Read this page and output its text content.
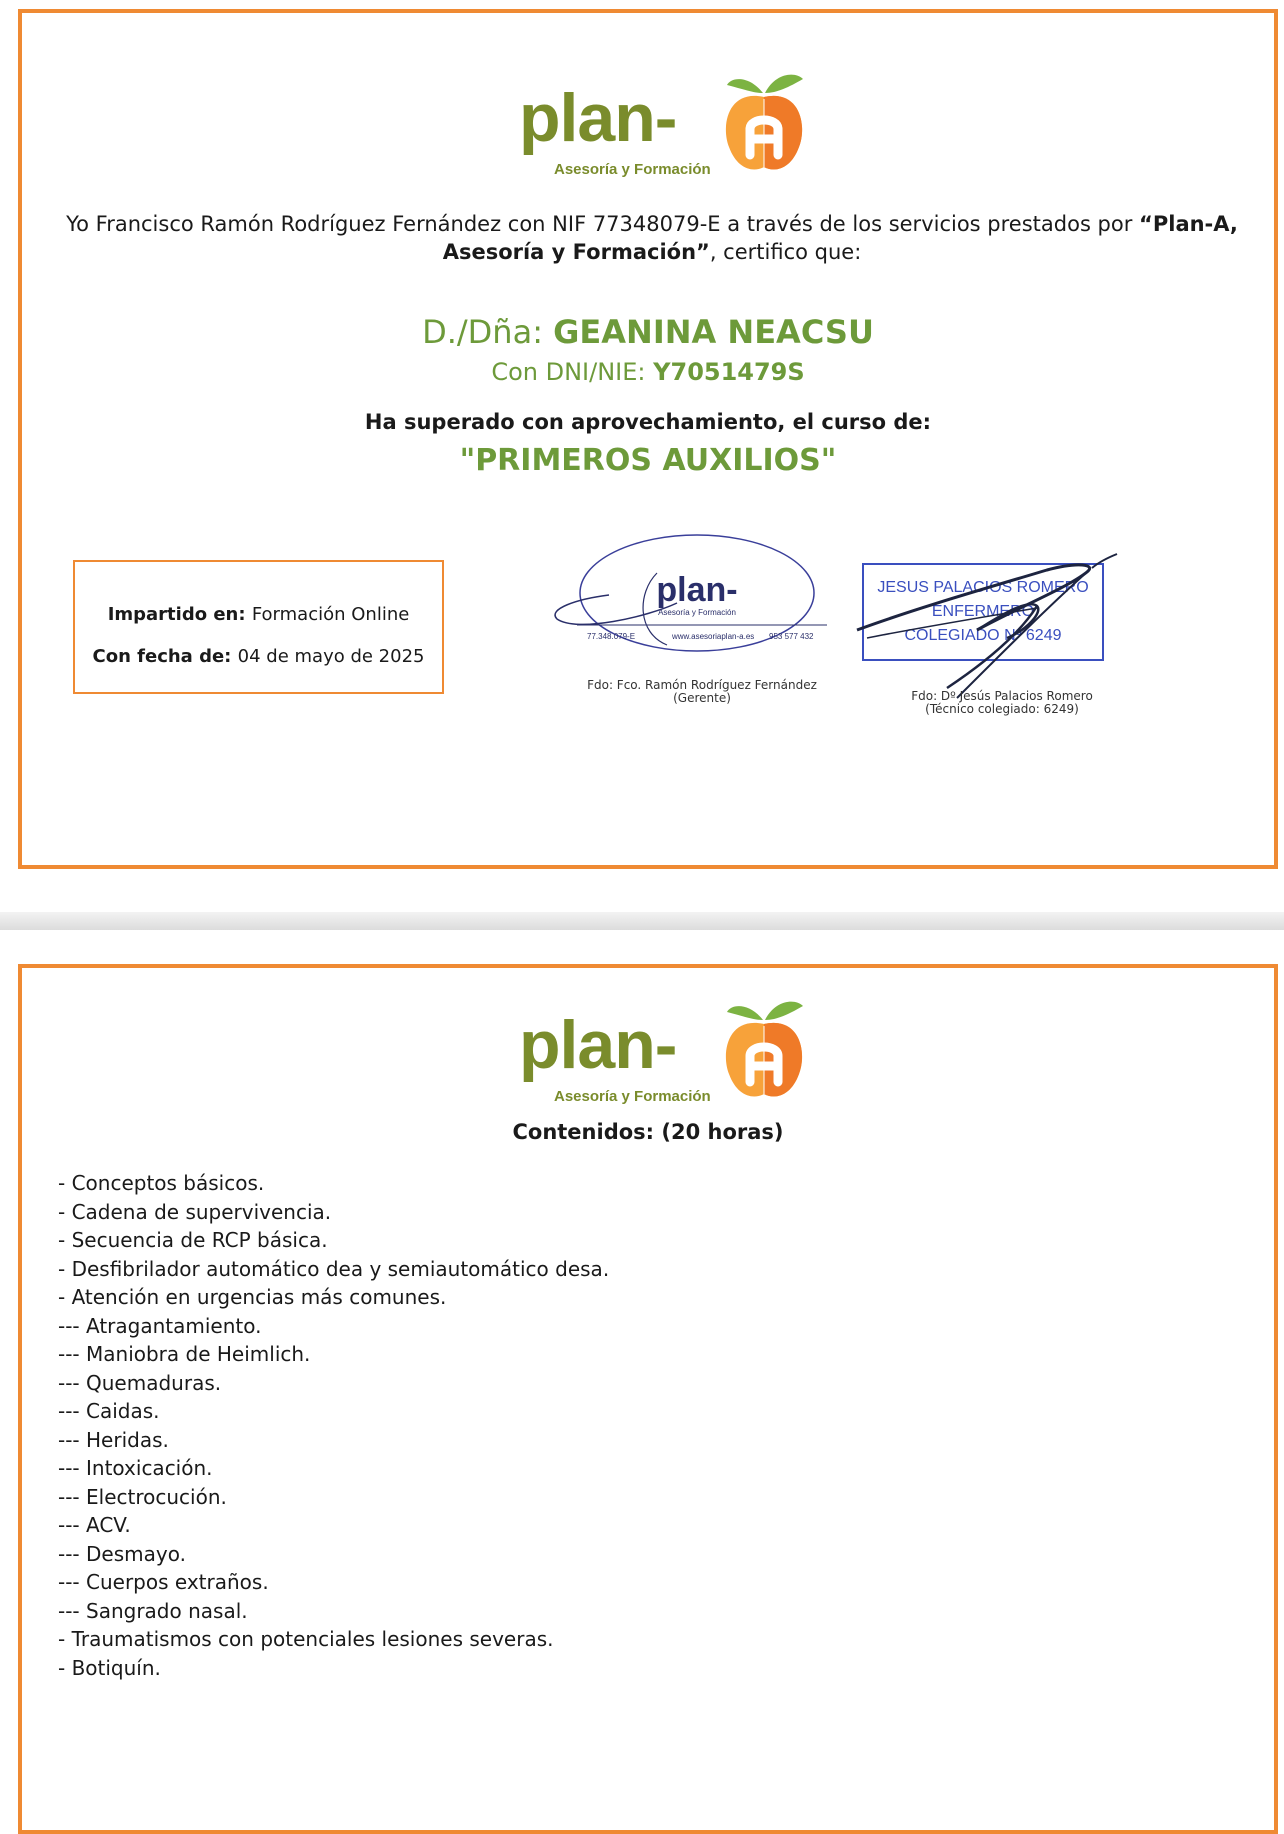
plan-
Asesoría y Formación
Yo Francisco Ramón Rodríguez Fernández con NIF 77348079-E a través de los servicios prestados por “Plan-A, Asesoría y Formación”, certifico que:
D./Dña: GEANINA NEACSU
Con DNI/NIE: Y7051479S
Ha superado con aprovechamiento, el curso de:
"PRIMEROS AUXILIOS"
Impartido en: Formación Online
Con fecha de: 04 de mayo de 2025
plan-
Asesoría y Formación
77.348.079-E	www.asesoriaplan-a.es 953 577 432
Fdo: Fco. Ramón Rodríguez Fernández
(Gerente)
JESUS PALACIOS ROMERO
ENFERMERO
COLEGIADO Nº 6249
Fdo: Dº Jesús Palacios Romero
(Técnico colegiado: 6249)
plan-
Asesoría y Formación
Contenidos: (20 horas)
- Conceptos básicos.
- Cadena de supervivencia.
- Secuencia de RCP básica.
- Desfibrilador automático dea y semiautomático desa.
- Atención en urgencias más comunes.
--- Atragantamiento.
--- Maniobra de Heimlich.
--- Quemaduras.
--- Caidas.
--- Heridas.
--- Intoxicación.
--- Electrocución.
--- ACV.
--- Desmayo.
--- Cuerpos extraños.
--- Sangrado nasal.
- Traumatismos con potenciales lesiones severas.
- Botiquín.
